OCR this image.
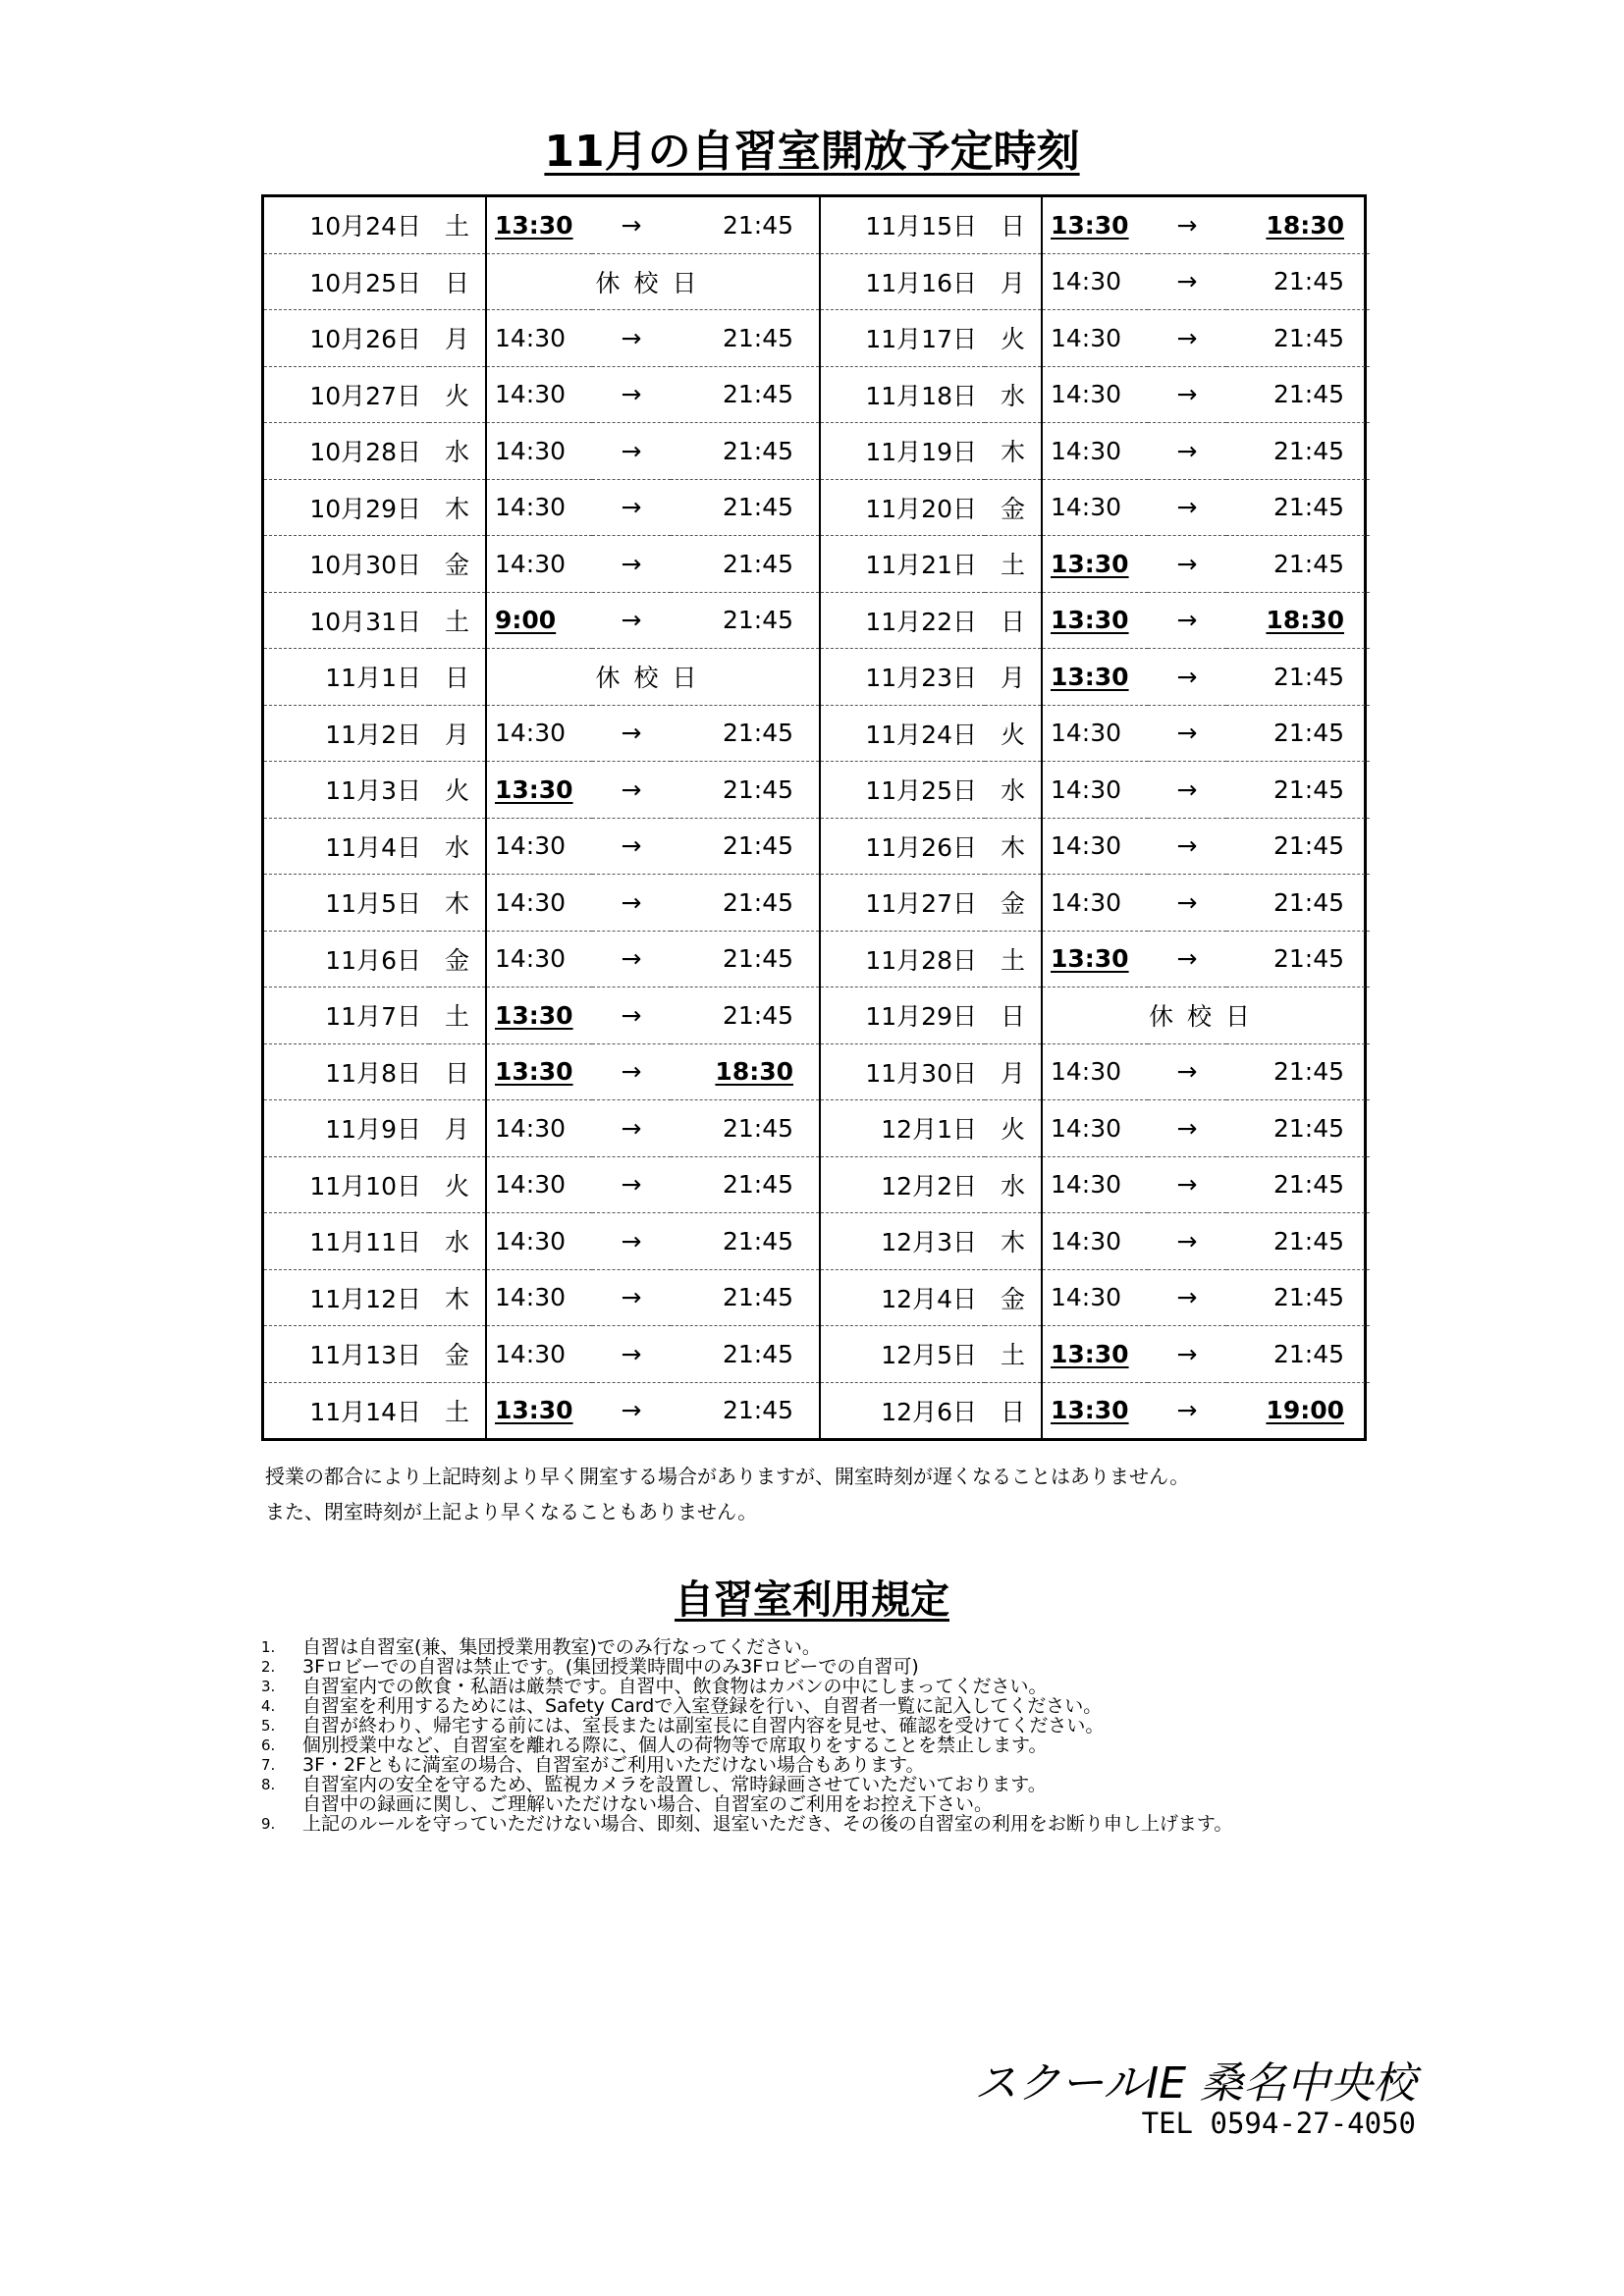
11月の自習室開放予定時刻
10月24日	土	13:30	→	21:45	11月15日	日	13:30	→	18:30
10月25日	日	休校日			11月16日	月	14:30	→	21:45
10月26日	月	14:30	→	21:45	11月17日	火	14:30	→	21:45
10月27日	火	14:30	→	21:45	11月18日	水	14:30	→	21:45
10月28日	水	14:30	→	21:45	11月19日	木	14:30	→	21:45
10月29日	木	14:30	→	21:45	11月20日	金	14:30	→	21:45
10月30日	金	14:30	→	21:45	11月21日	土	13:30	→	21:45
10月31日	土	9:00	→	21:45	11月22日	日	13:30	→	18:30
11月1日	日	休校日			11月23日	月	13:30	→	21:45
11月2日	月	14:30	→	21:45	11月24日	火	14:30	→	21:45
11月3日	火	13:30	→	21:45	11月25日	水	14:30	→	21:45
11月4日	水	14:30	→	21:45	11月26日	木	14:30	→	21:45
11月5日	木	14:30	→	21:45	11月27日	金	14:30	→	21:45
11月6日	金	14:30	→	21:45	11月28日	土	13:30	→	21:45
11月7日	土	13:30	→	21:45	11月29日	日	休校日		
11月8日	日	13:30	→	18:30	11月30日	月	14:30	→	21:45
11月9日	月	14:30	→	21:45	12月1日	火	14:30	→	21:45
11月10日	火	14:30	→	21:45	12月2日	水	14:30	→	21:45
11月11日	水	14:30	→	21:45	12月3日	木	14:30	→	21:45
11月12日	木	14:30	→	21:45	12月4日	金	14:30	→	21:45
11月13日	金	14:30	→	21:45	12月5日	土	13:30	→	21:45
11月14日	土	13:30	→	21:45	12月6日	日	13:30	→	19:00
授業の都合により上記時刻より早く開室する場合がありますが、開室時刻が遅くなることはありません。
また、閉室時刻が上記より早くなることもありません。
自習室利用規定
1.	自習は自習室(兼、集団授業用教室)でのみ行なってください。
2.	3Fロビーでの自習は禁止です。(集団授業時間中のみ3Fロビーでの自習可)
3.	自習室内での飲食・私語は厳禁です。自習中、飲食物はカバンの中にしまってください。
4.	自習室を利用するためには、Safety Cardで入室登録を行い、自習者一覧に記入してください。
5.	自習が終わり、帰宅する前には、室長または副室長に自習内容を見せ、確認を受けてください。
6.	個別授業中など、自習室を離れる際に、個人の荷物等で席取りをすることを禁止します。
7.	3F・2Fともに満室の場合、自習室がご利用いただけない場合もあります。
8.	自習室内の安全を守るため、監視カメラを設置し、常時録画させていただいております。
自習中の録画に関し、ご理解いただけない場合、自習室のご利用をお控え下さい。
9.	上記のルールを守っていただけない場合、即刻、退室いただき、その後の自習室の利用をお断り申し上げます。
スクールIE 桑名中央校
TEL 0594-27-4050
